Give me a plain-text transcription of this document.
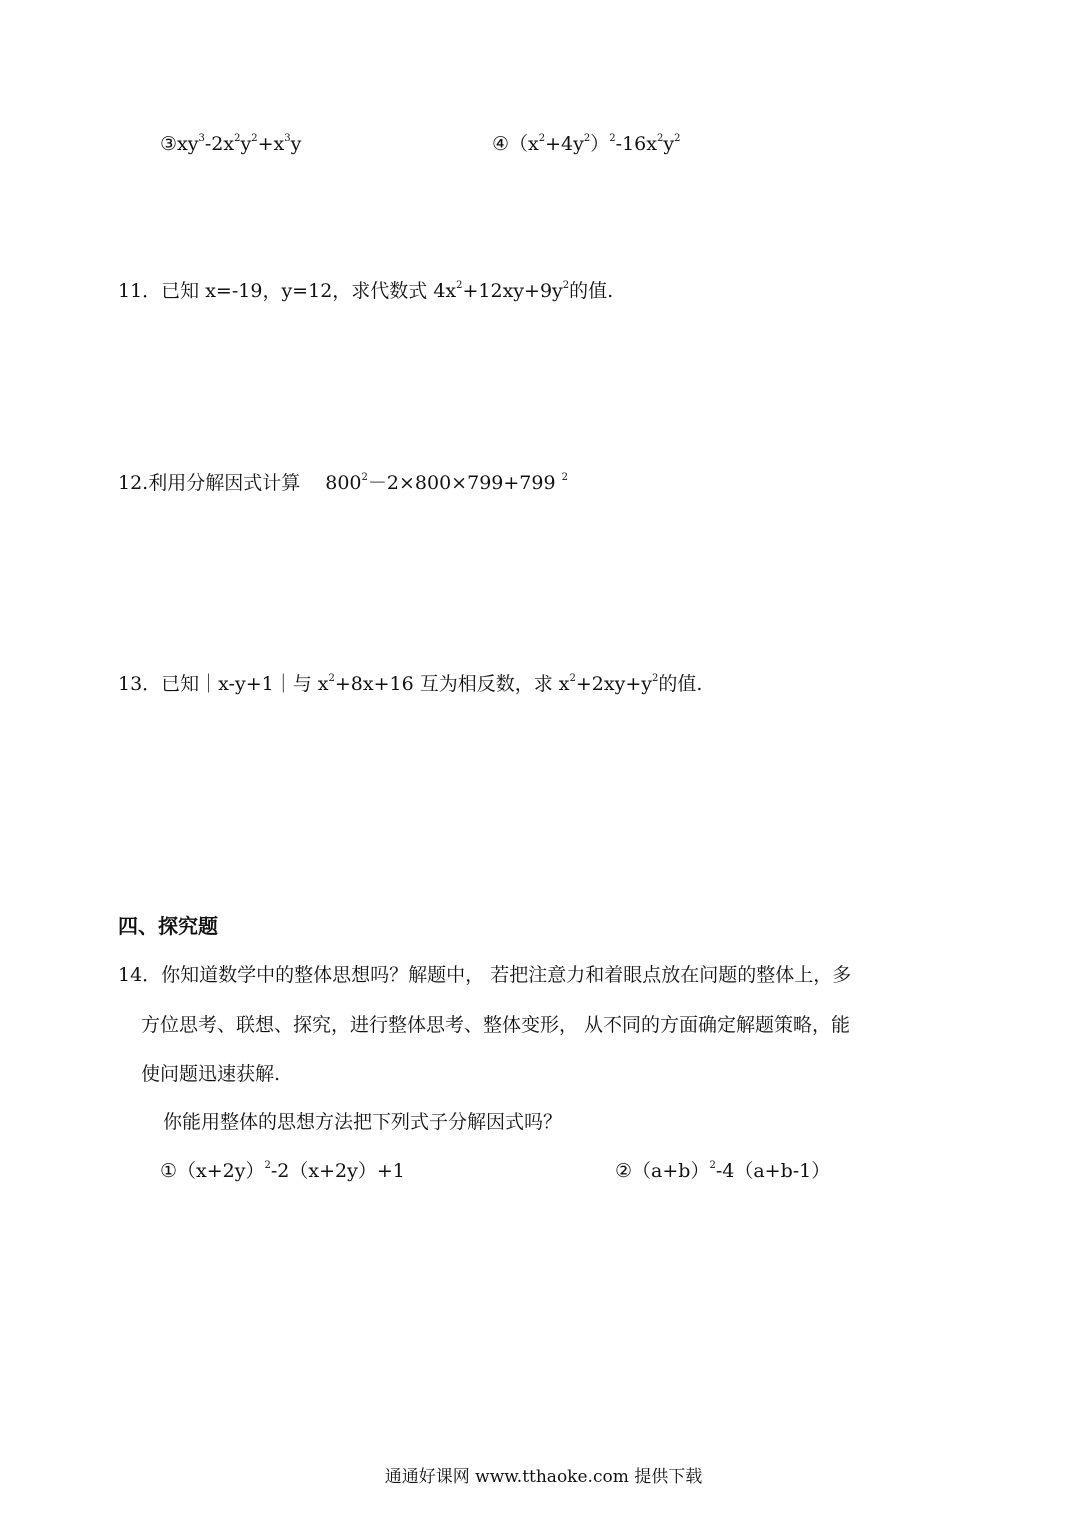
$③xy^3-2x^2y^2+x^3y$	$④(x^2+4y^2)^2-16x^2y^2$
11．已知 x=-19，y=12，求代数式 $4x^2+12xy+9y^2$的值.
12.利用分解因式计算　 $800^2-2\times 800\times 799+799$ $^2$
13．已知｜x-y+1｜与 $x^2+8x+16$ 互为相反数，求 $x^2+2xy+y^2$的值.
四、探究题
14．你知道数学中的整体思想吗？解题中， 若把注意力和着眼点放在问题的整体上，多
方位思考、联想、探究，进行整体思考、整体变形， 从不同的方面确定解题策略，能
使问题迅速获解.
你能用整体的思想方法把下列式子分解因式吗？
$①(x+2y)^2-2(x+2y)+1$	$②(a+b)^2-4(a+b-1)$
通通好课网 www.tthaoke.com 提供下载
